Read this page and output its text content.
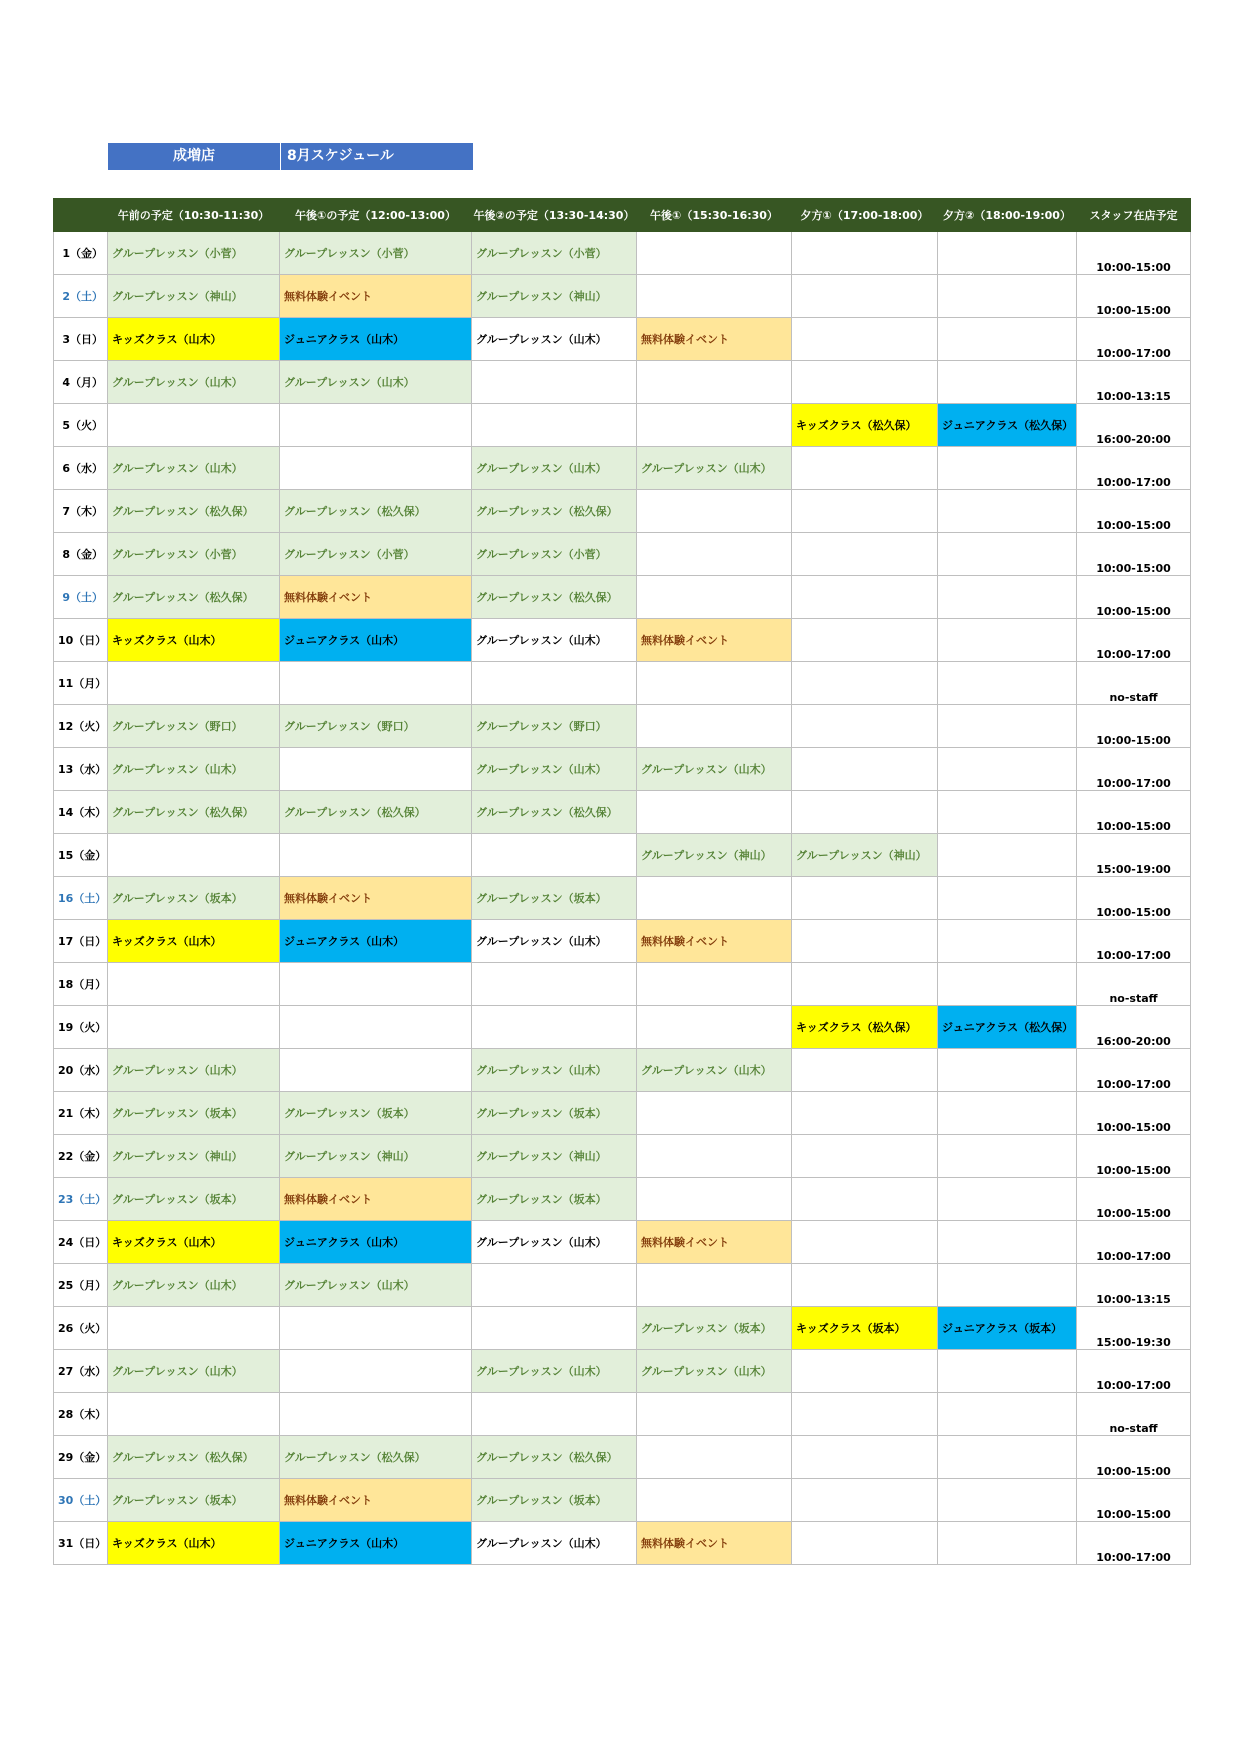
成増店	8月スケジュール
	午前の予定（10:30-11:30）	午後①の予定（12:00-13:00）	午後②の予定（13:30-14:30）	午後①（15:30-16:30）	夕方①（17:00-18:00）	夕方②（18:00-19:00）	スタッフ在店予定
1（金）	グループレッスン（小菅）	グループレッスン（小菅）	グループレッスン（小菅）				10:00-15:00
2（土）	グループレッスン（神山）	無料体験イベント	グループレッスン（神山）				10:00-15:00
3（日）	キッズクラス（山木）	ジュニアクラス（山木）	グループレッスン（山木）	無料体験イベント			10:00-17:00
4（月）	グループレッスン（山木）	グループレッスン（山木）					10:00-13:15
5（火）					キッズクラス（松久保）	ジュニアクラス（松久保）	16:00-20:00
6（水）	グループレッスン（山木）		グループレッスン（山木）	グループレッスン（山木）			10:00-17:00
7（木）	グループレッスン（松久保）	グループレッスン（松久保）	グループレッスン（松久保）				10:00-15:00
8（金）	グループレッスン（小菅）	グループレッスン（小菅）	グループレッスン（小菅）				10:00-15:00
9（土）	グループレッスン（松久保）	無料体験イベント	グループレッスン（松久保）				10:00-15:00
10（日）	キッズクラス（山木）	ジュニアクラス（山木）	グループレッスン（山木）	無料体験イベント			10:00-17:00
11（月）							no-staff
12（火）	グループレッスン（野口）	グループレッスン（野口）	グループレッスン（野口）				10:00-15:00
13（水）	グループレッスン（山木）		グループレッスン（山木）	グループレッスン（山木）			10:00-17:00
14（木）	グループレッスン（松久保）	グループレッスン（松久保）	グループレッスン（松久保）				10:00-15:00
15（金）				グループレッスン（神山）	グループレッスン（神山）		15:00-19:00
16（土）	グループレッスン（坂本）	無料体験イベント	グループレッスン（坂本）				10:00-15:00
17（日）	キッズクラス（山木）	ジュニアクラス（山木）	グループレッスン（山木）	無料体験イベント			10:00-17:00
18（月）							no-staff
19（火）					キッズクラス（松久保）	ジュニアクラス（松久保）	16:00-20:00
20（水）	グループレッスン（山木）		グループレッスン（山木）	グループレッスン（山木）			10:00-17:00
21（木）	グループレッスン（坂本）	グループレッスン（坂本）	グループレッスン（坂本）				10:00-15:00
22（金）	グループレッスン（神山）	グループレッスン（神山）	グループレッスン（神山）				10:00-15:00
23（土）	グループレッスン（坂本）	無料体験イベント	グループレッスン（坂本）				10:00-15:00
24（日）	キッズクラス（山木）	ジュニアクラス（山木）	グループレッスン（山木）	無料体験イベント			10:00-17:00
25（月）	グループレッスン（山木）	グループレッスン（山木）					10:00-13:15
26（火）				グループレッスン（坂本）	キッズクラス（坂本）	ジュニアクラス（坂本）	15:00-19:30
27（水）	グループレッスン（山木）		グループレッスン（山木）	グループレッスン（山木）			10:00-17:00
28（木）							no-staff
29（金）	グループレッスン（松久保）	グループレッスン（松久保）	グループレッスン（松久保）				10:00-15:00
30（土）	グループレッスン（坂本）	無料体験イベント	グループレッスン（坂本）				10:00-15:00
31（日）	キッズクラス（山木）	ジュニアクラス（山木）	グループレッスン（山木）	無料体験イベント			10:00-17:00
